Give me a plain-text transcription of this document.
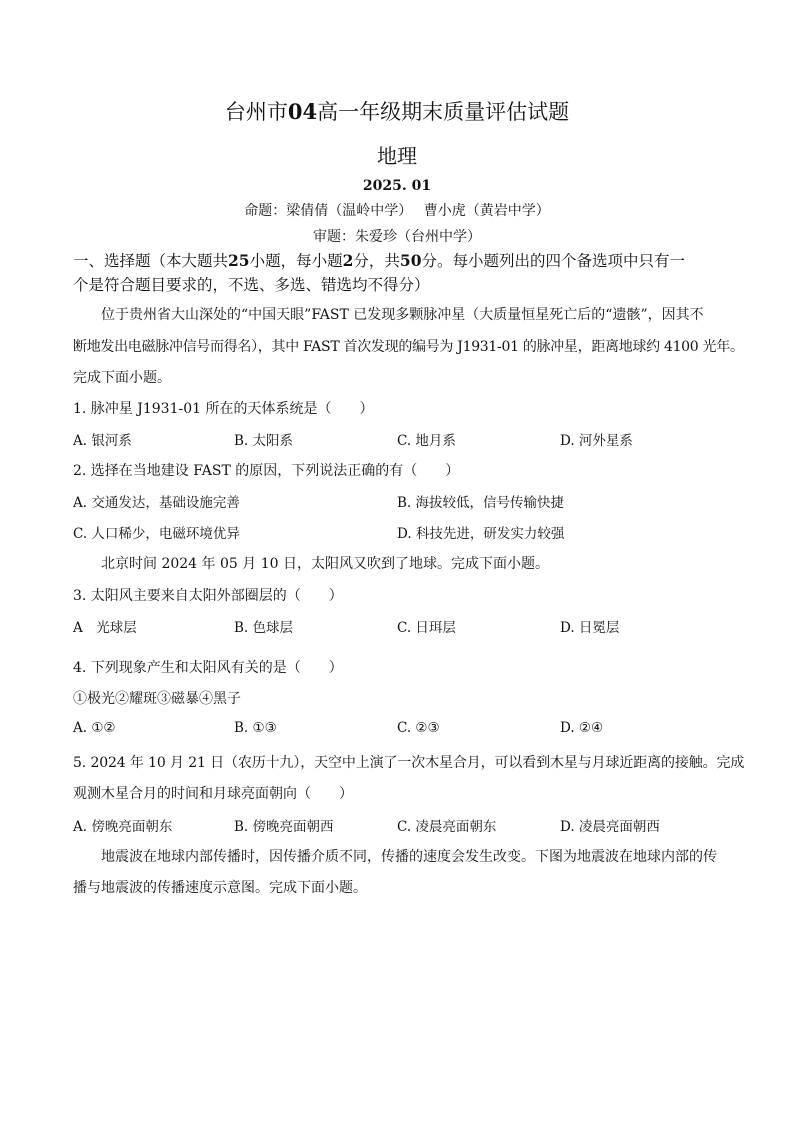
台州市04高一年级期末质量评估试题
地理
2025. 01
命题：梁倩倩（温岭中学）　 曹小虎（黄岩中学）
审题：朱爱珍（台州中学）
一、选择题（本大题共25小题，每小题2分，共50分。每小题列出的四个备选项中只有一
个是符合题目要求的，不选、多选、错选均不得分）
位于贵州省大山深处的“中国天眼”FAST 已发现多颗脉冲星（大质量恒星死亡后的“遗骸”，因其不
断地发出电磁脉冲信号而得名），其中 FAST 首次发现的编号为 J1931-01 的脉冲星，距离地球约 4100 光年。
完成下面小题。
1. 脉冲星 J1931-01 所在的天体系统是（　　）
A. 银河系	B. 太阳系	C. 地月系	D. 河外星系
2. 选择在当地建设 FAST 的原因，下列说法正确的有（　　）
A. 交通发达，基础设施完善	B. 海拔较低，信号传输快捷
C. 人口稀少，电磁环境优异	D. 科技先进，研发实力较强
北京时间 2024 年 05 月 10 日，太阳风又吹到了地球。完成下面小题。
3. 太阳风主要来自太阳外部圈层的（　　）
A　光球层	B. 色球层	C. 日珥层	D. 日冕层
4. 下列现象产生和太阳风有关的是（　　）
①极光②耀斑③磁暴④黑子
A. ①②	B. ①③	C. ②③	D. ②④
5. 2024 年 10 月 21 日（农历十九），天空中上演了一次木星合月，可以看到木星与月球近距离的接触。完成
观测木星合月的时间和月球亮面朝向（　　）
A. 傍晚亮面朝东	B. 傍晚亮面朝西	C. 凌晨亮面朝东	D. 凌晨亮面朝西
地震波在地球内部传播时，因传播介质不同，传播的速度会发生改变。下图为地震波在地球内部的传
播与地震波的传播速度示意图。完成下面小题。
